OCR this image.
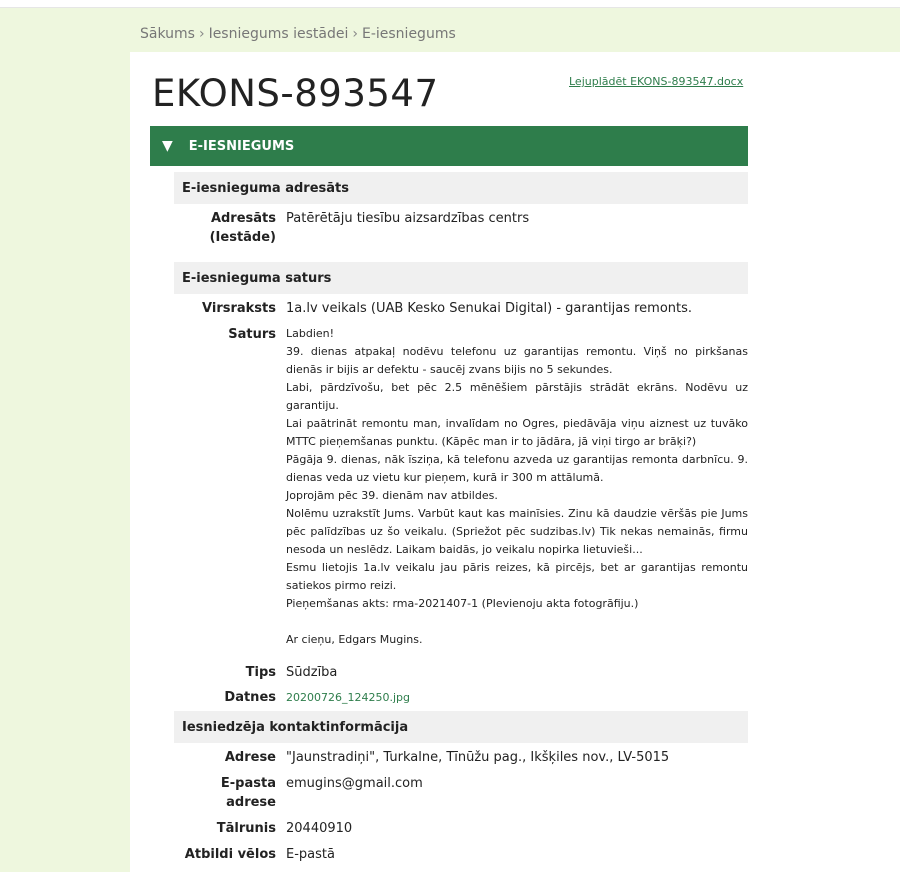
Sākums › Iesniegums iestādei › E-iesniegums
EKONS-893547	Lejuplādēt EKONS-893547.docx
▼ E-IESNIEGUMS
E-iesnieguma adresāts
Adresāts (Iestāde)
Patērētāju tiesību aizsardzības centrs
E-iesnieguma saturs
Virsraksts 1a.lv veikals (UAB Kesko Senukai Digital) - garantijas remonts.
Saturs Labdien!
39. dienas atpakaļ nodēvu telefonu uz garantijas remontu. Viņš no pirkšanas dienās ir bijis ar defektu - saucēj zvans bijis no 5 sekundes.
Labi, pārdzīvošu, bet pēc 2.5 mēnēšiem pārstājis strādāt ekrāns. Nodēvu uz garantiju.
Lai paātrināt remontu man, invalīdam no Ogres, piedāvāja viņu aiznest uz tuvāko MTTC pieņemšanas punktu. (Kāpēc man ir to jādāra, jā viņi tirgo ar brāķi?)
Pāgāja 9. dienas, nāk īsziņa, kā telefonu azveda uz garantijas remonta darbnīcu. 9. dienas veda uz vietu kur pieņem, kurā ir 300 m attālumā.
Joprojām pēc 39. dienām nav atbildes.
Nolēmu uzrakstīt Jums. Varbūt kaut kas mainīsies. Zinu kā daudzie vēršās pie Jums pēc palīdzības uz šo veikalu. (Spriežot pēc sudzibas.lv) Tik nekas nemainās, firmu nesoda un neslēdz. Laikam baidās, jo veikalu nopirka lietuvieši...
Esmu lietojis 1a.lv veikalu jau pāris reizes, kā pircējs, bet ar garantijas remontu satiekos pirmo reizi.
Pieņemšanas akts: rma-2021407-1 (PIevienoju akta fotogrāfiju.)
Ar cieņu, Edgars Mugins.
Tips Sūdzība
Datnes 20200726_124250.jpg
Iesniedzēja kontaktinformācija
Adrese "Jaunstradiņi", Turkalne, Tīnūžu pag., Ikšķiles nov., LV-5015
E-pasta adrese
emugins@gmail.com
Tālrunis 20440910
Atbildi vēlos E-pastā
